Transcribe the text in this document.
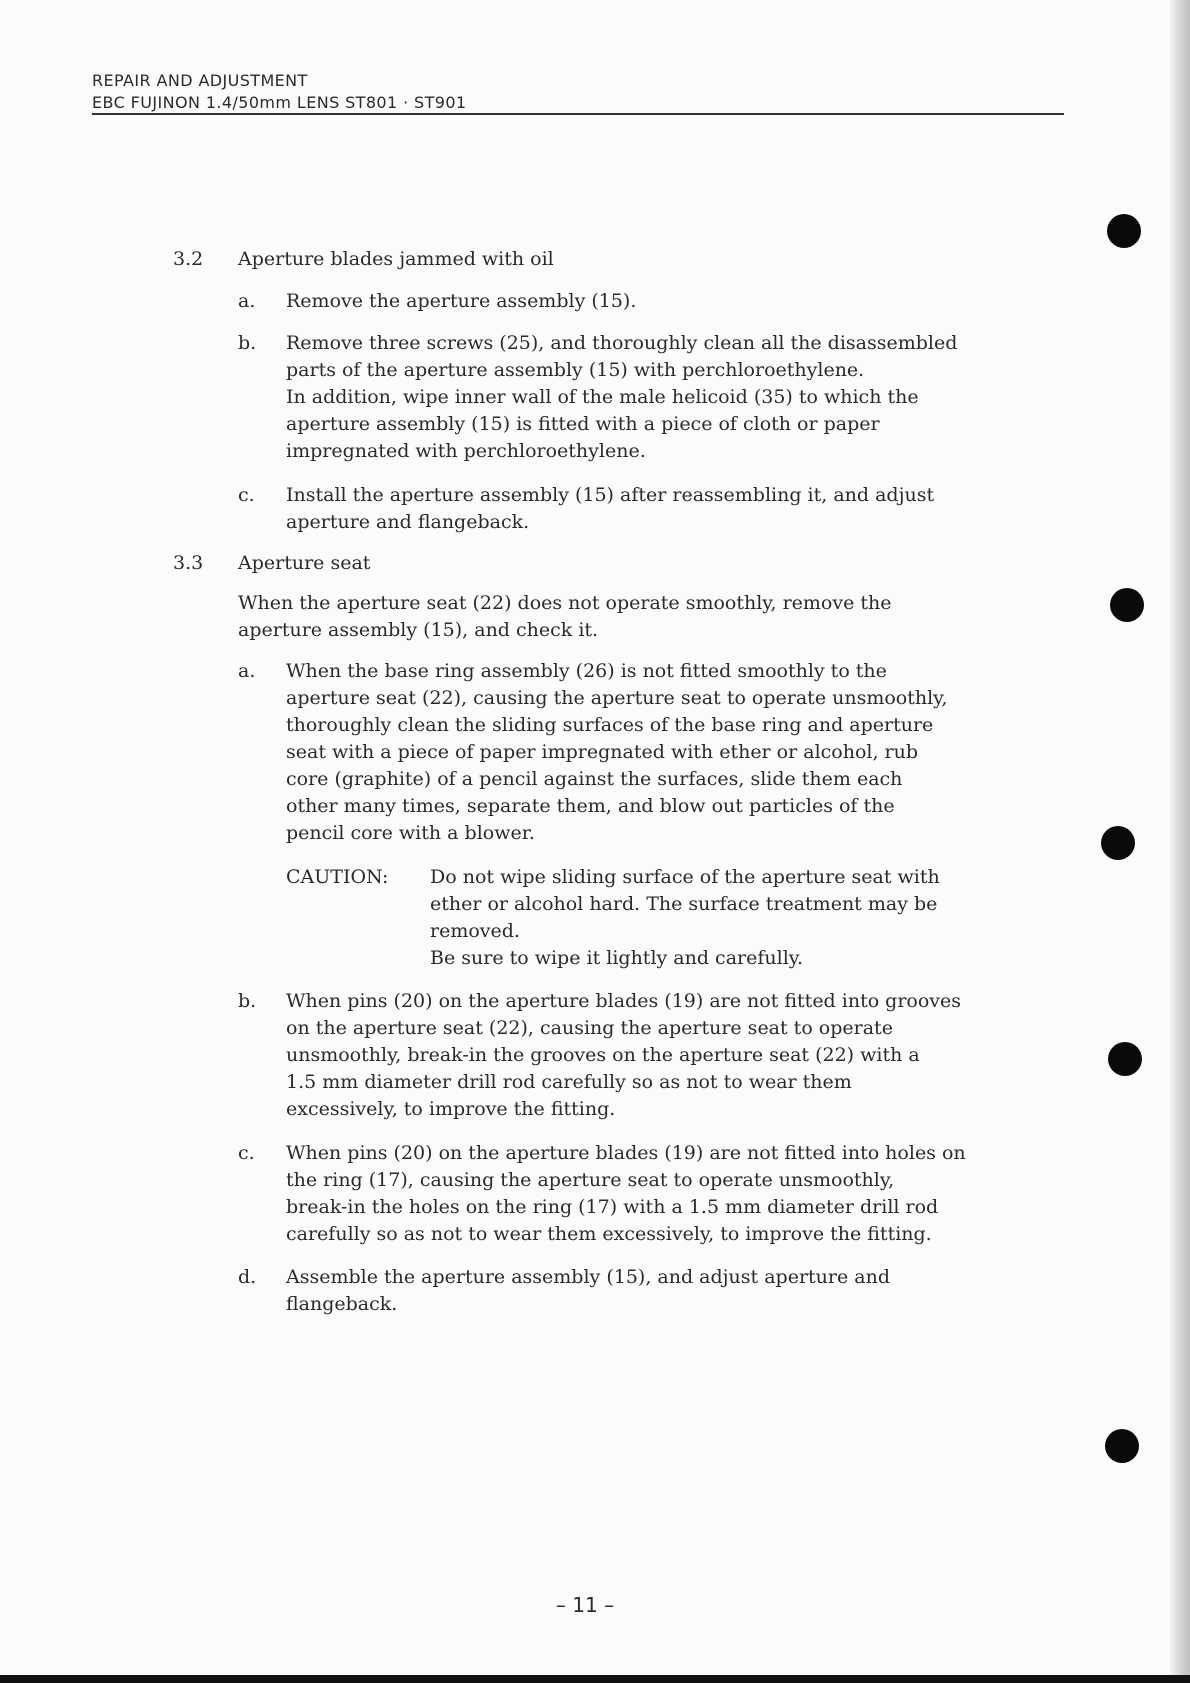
REPAIR AND ADJUSTMENT
EBC FUJINON 1.4/50mm LENS ST801 · ST901
3.2 Aperture blades jammed with oil
a. Remove the aperture assembly (15).
b. Remove three screws (25), and thoroughly clean all the disassembled
parts of the aperture assembly (15) with perchloroethylene.
In addition, wipe inner wall of the male helicoid (35) to which the
aperture assembly (15) is fitted with a piece of cloth or paper
impregnated with perchloroethylene.
c. Install the aperture assembly (15) after reassembling it, and adjust
aperture and flangeback.
3.3 Aperture seat
When the aperture seat (22) does not operate smoothly, remove the
aperture assembly (15), and check it.
a. When the base ring assembly (26) is not fitted smoothly to the
aperture seat (22), causing the aperture seat to operate unsmoothly,
thoroughly clean the sliding surfaces of the base ring and aperture
seat with a piece of paper impregnated with ether or alcohol, rub
core (graphite) of a pencil against the surfaces, slide them each
other many times, separate them, and blow out particles of the
pencil core with a blower.
CAUTION: Do not wipe sliding surface of the aperture seat with
ether or alcohol hard. The surface treatment may be
removed.
Be sure to wipe it lightly and carefully.
b. When pins (20) on the aperture blades (19) are not fitted into grooves
on the aperture seat (22), causing the aperture seat to operate
unsmoothly, break-in the grooves on the aperture seat (22) with a
1.5 mm diameter drill rod carefully so as not to wear them
excessively, to improve the fitting.
c. When pins (20) on the aperture blades (19) are not fitted into holes on
the ring (17), causing the aperture seat to operate unsmoothly,
break-in the holes on the ring (17) with a 1.5 mm diameter drill rod
carefully so as not to wear them excessively, to improve the fitting.
d. Assemble the aperture assembly (15), and adjust aperture and
flangeback.
– 11 –
